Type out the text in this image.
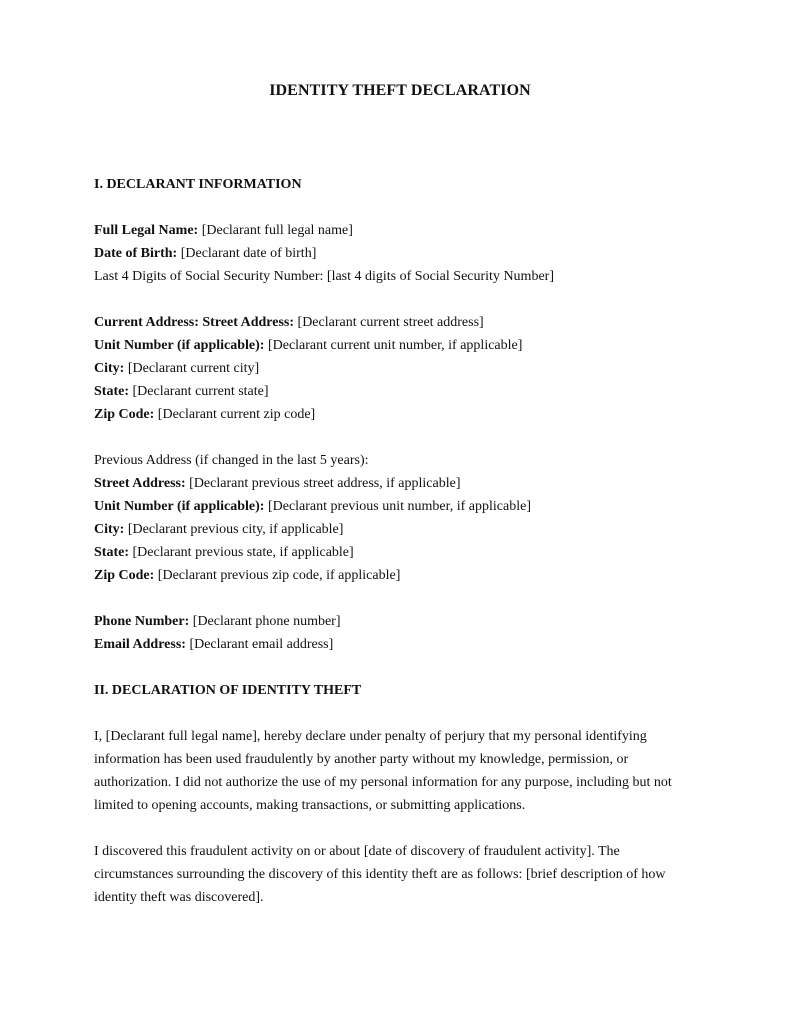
IDENTITY THEFT DECLARATION
I. DECLARANT INFORMATION
Full Legal Name: [Declarant full legal name]
Date of Birth: [Declarant date of birth]
Last 4 Digits of Social Security Number: [last 4 digits of Social Security Number]
Current Address: Street Address: [Declarant current street address]
Unit Number (if applicable): [Declarant current unit number, if applicable]
City: [Declarant current city]
State: [Declarant current state]
Zip Code: [Declarant current zip code]
Previous Address (if changed in the last 5 years):
Street Address: [Declarant previous street address, if applicable]
Unit Number (if applicable): [Declarant previous unit number, if applicable]
City: [Declarant previous city, if applicable]
State: [Declarant previous state, if applicable]
Zip Code: [Declarant previous zip code, if applicable]
Phone Number: [Declarant phone number]
Email Address: [Declarant email address]
II. DECLARATION OF IDENTITY THEFT
I, [Declarant full legal name], hereby declare under penalty of perjury that my personal identifying
information has been used fraudulently by another party without my knowledge, permission, or
authorization. I did not authorize the use of my personal information for any purpose, including but not
limited to opening accounts, making transactions, or submitting applications.
I discovered this fraudulent activity on or about [date of discovery of fraudulent activity]. The
circumstances surrounding the discovery of this identity theft are as follows: [brief description of how
identity theft was discovered].
